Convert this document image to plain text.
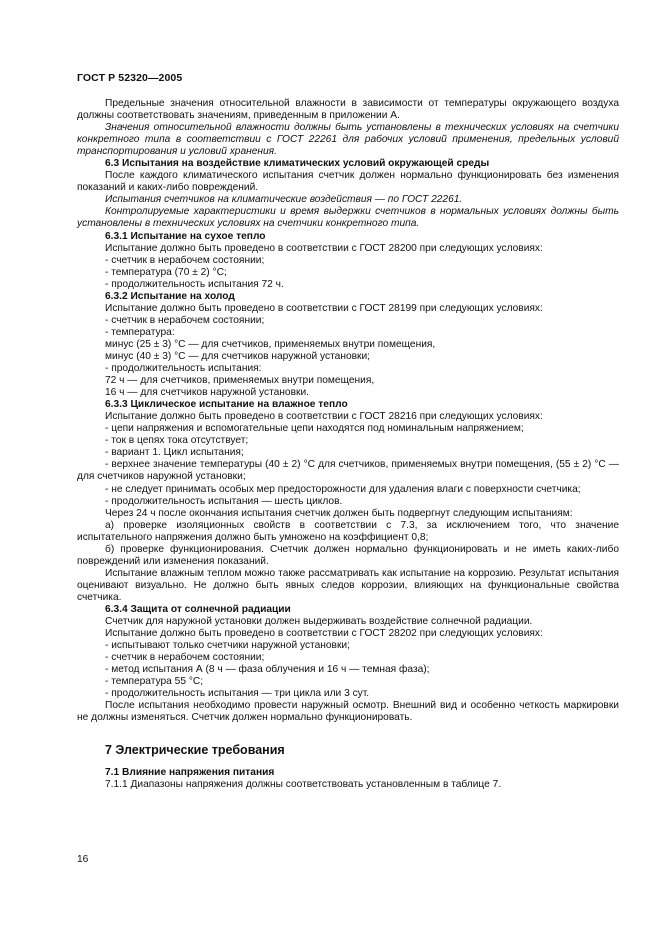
ГОСТ Р 52320—2005
Предельные значения относительной влажности в зависимости от температуры окружающего воздуха должны соответствовать значениям, приведенным в приложении А.
Значения относительной влажности должны быть установлены в технических условиях на счетчики конкретного типа в соответствии с ГОСТ 22261 для рабочих условий применения, предельных условий транспортирования и условий хранения.
6.3 Испытания на воздействие климатических условий окружающей среды
После каждого климатического испытания счетчик должен нормально функционировать без изменения показаний и каких-либо повреждений.
Испытания счетчиков на климатические воздействия — по ГОСТ 22261.
Контролируемые характеристики и время выдержки счетчиков в нормальных условиях должны быть установлены в технических условиях на счетчики конкретного типа.
6.3.1 Испытание на сухое тепло
Испытание должно быть проведено в соответствии с ГОСТ 28200 при следующих условиях:
- счетчик в нерабочем состоянии;
- температура (70 ± 2) °С;
- продолжительность испытания 72 ч.
6.3.2 Испытание на холод
Испытание должно быть проведено в соответствии с ГОСТ 28199 при следующих условиях:
- счетчик в нерабочем состоянии;
- температура:
минус (25 ± 3) °С — для счетчиков, применяемых внутри помещения,
минус (40 ± 3) °С — для счетчиков наружной установки;
- продолжительность испытания:
72 ч — для счетчиков, применяемых внутри помещения,
16 ч — для счетчиков наружной установки.
6.3.3 Циклическое испытание на влажное тепло
Испытание должно быть проведено в соответствии с ГОСТ 28216 при следующих условиях:
- цепи напряжения и вспомогательные цепи находятся под номинальным напряжением;
- ток в цепях тока отсутствует;
- вариант 1. Цикл испытания;
- верхнее значение температуры (40 ± 2) °С для счетчиков, применяемых внутри помещения, (55 ± 2) °С — для счетчиков наружной установки;
- не следует принимать особых мер предосторожности для удаления влаги с поверхности счетчика;
- продолжительность испытания — шесть циклов.
Через 24 ч после окончания испытания счетчик должен быть подвергнут следующим испытаниям:
а) проверке изоляционных свойств в соответствии с 7.3, за исключением того, что значение испытательного напряжения должно быть умножено на коэффициент 0,8;
б) проверке функционирования. Счетчик должен нормально функционировать и не иметь каких-либо повреждений или изменения показаний.
Испытание влажным теплом можно также рассматривать как испытание на коррозию. Результат испытания оценивают визуально. Не должно быть явных следов коррозии, влияющих на функциональные свойства счетчика.
6.3.4 Защита от солнечной радиации
Счетчик для наружной установки должен выдерживать воздействие солнечной радиации.
Испытание должно быть проведено в соответствии с ГОСТ 28202 при следующих условиях:
- испытывают только счетчики наружной установки;
- счетчик в нерабочем состоянии;
- метод испытания А (8 ч — фаза облучения и 16 ч — темная фаза);
- температура 55 °С;
- продолжительность испытания — три цикла или 3 сут.
После испытания необходимо провести наружный осмотр. Внешний вид и особенно четкость маркировки не должны изменяться. Счетчик должен нормально функционировать.
7 Электрические требования
7.1 Влияние напряжения питания
7.1.1 Диапазоны напряжения должны соответствовать установленным в таблице 7.
16
